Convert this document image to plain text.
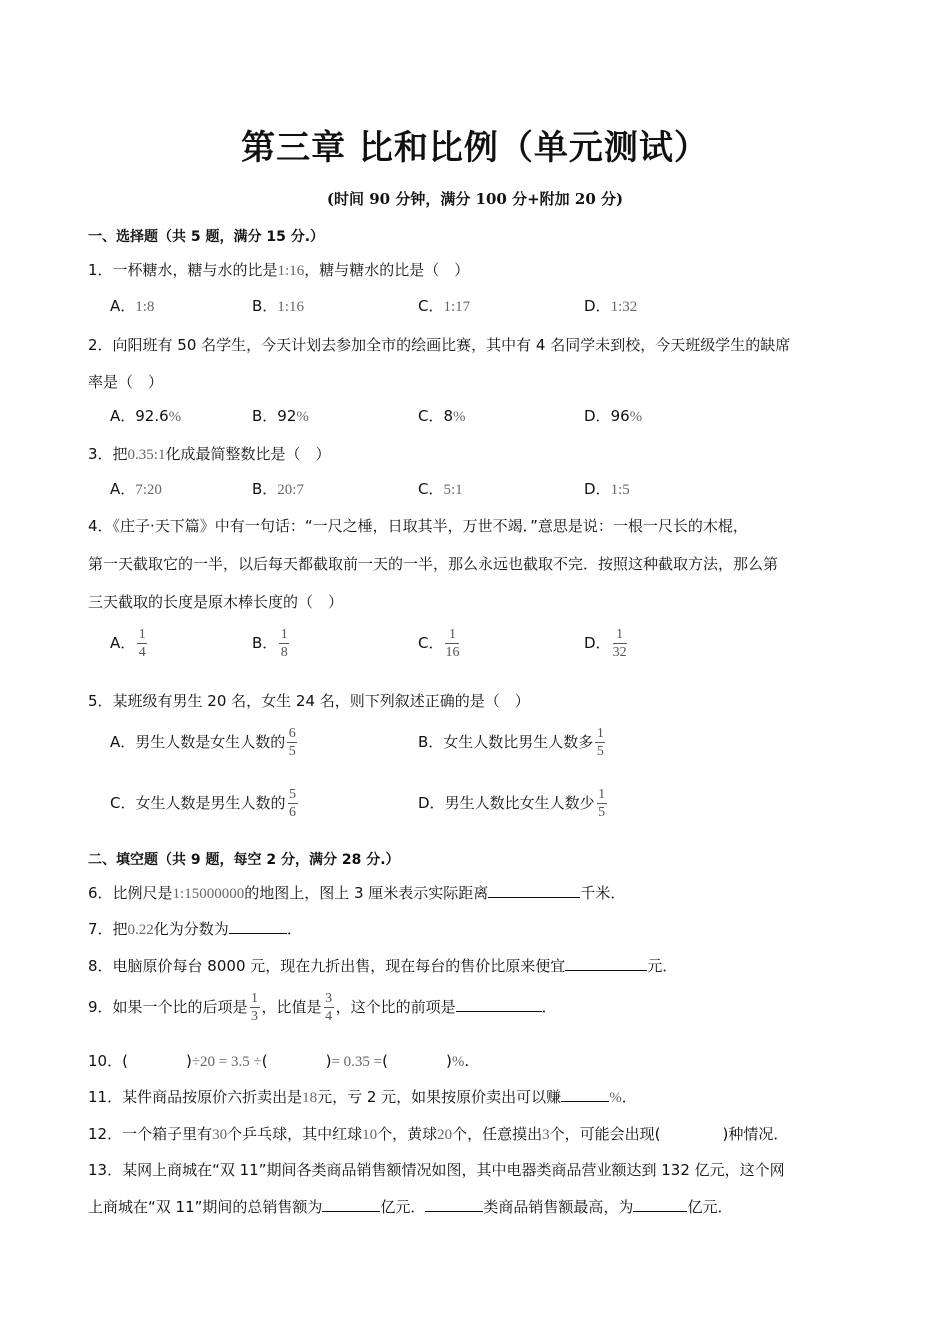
第三章 比和比例（单元测试）
(时间 90 分钟，满分 100 分+附加 20 分)
一、选择题（共 5 题，满分 15 分.）
1．一杯糖水，糖与水的比是1:16，糖与糖水的比是（　）
A．1:8	B．1:16	C．1:17	D．1:32
2．向阳班有 50 名学生，今天计划去参加全市的绘画比赛，其中有 4 名同学未到校，今天班级学生的缺席
率是（　）
A．92.6%	B．92%	C．8%	D．96%
3．把0.35:1化成最简整数比是（　）
A．7:20	B．20:7	C．5:1	D．1:5
4．《庄子·天下篇》中有一句话：“一尺之棰，日取其半，万世不竭．”意思是说：一根一尺长的木棍，
第一天截取它的一半，以后每天都截取前一天的一半，那么永远也截取不完．按照这种截取方法，那么第
三天截取的长度是原木棒长度的（　）
A． $\frac{1}{4}$	B． $\frac{1}{8}$	C． $\frac{1}{16}$	D． $\frac{1}{32}$
5．某班级有男生 20 名，女生 24 名，则下列叙述正确的是（　）
A．男生人数是女生人数的 $\frac{6}{5}$	B．女生人数比男生人数多 $\frac{1}{5}$
C．女生人数是男生人数的 $\frac{5}{6}$	D．男生人数比女生人数少 $\frac{1}{5}$
二、填空题（共 9 题，每空 2 分，满分 28 分.）
6．比例尺是1:15000000的地图上，图上 3 厘米表示实际距离	千米．
7．把0.22化为分数为	．
8．电脑原价每台 8000 元，现在九折出售，现在每台的售价比原来便宜	元．
9．如果一个比的后项是 $\frac{1}{3}$ ，比值是 $\frac{3}{4}$ ，这个比的前项是	．
10．(	)÷20 = 3.5 ÷(	)= 0.35 =(	)%.
11．某件商品按原价六折卖出是18元，亏 2 元，如果按原价卖出可以赚	%．
12．一个箱子里有30个乒乓球，其中红球10个，黄球20个，任意摸出3个，可能会出现(	)种情况．
13．某网上商城在“双 11”期间各类商品销售额情况如图，其中电器类商品营业额达到 132 亿元，这个网
上商城在“双 11”期间的总销售额为	亿元．	类商品销售额最高，为	亿元．
